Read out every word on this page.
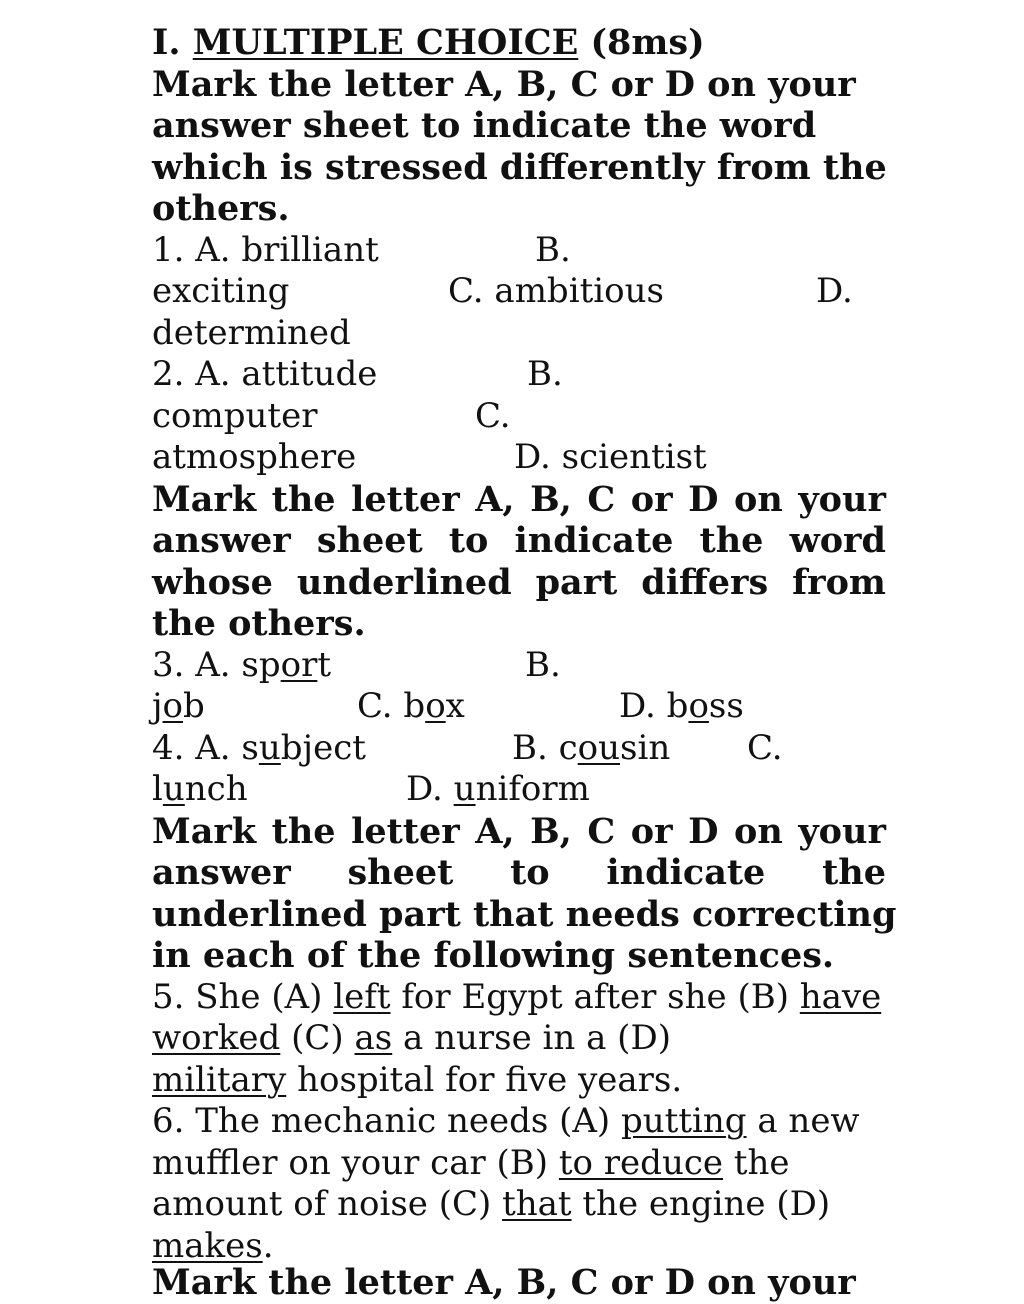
I. MULTIPLE CHOICE (8ms)
Mark the letter A, B, C or D on your
answer sheet to indicate the word
which is stressed differently from the
others.
1. A. brilliant	B.
exciting	C. ambitious	D.
determined
2. A. attitude	B.
computer	C.
atmosphere	D. scientist
Mark the letter A, B, C or D on your
answer sheet to indicate the word
whose underlined part differs from
the others.
3. A. sport	B.
job	C. box	D. boss
4. A. subject	B. cousin C.
lunch	D. uniform
Mark the letter A, B, C or D on your
answer sheet to indicate the
underlined part that needs correcting
in each of the following sentences.
5. She (A) left for Egypt after she (B) have
worked (C) as a nurse in a (D)
military hospital for five years.
6. The mechanic needs (A) putting a new
muffler on your car (B) to reduce the
amount of noise (C) that the engine (D)
makes.
Mark the letter A, B, C or D on your
